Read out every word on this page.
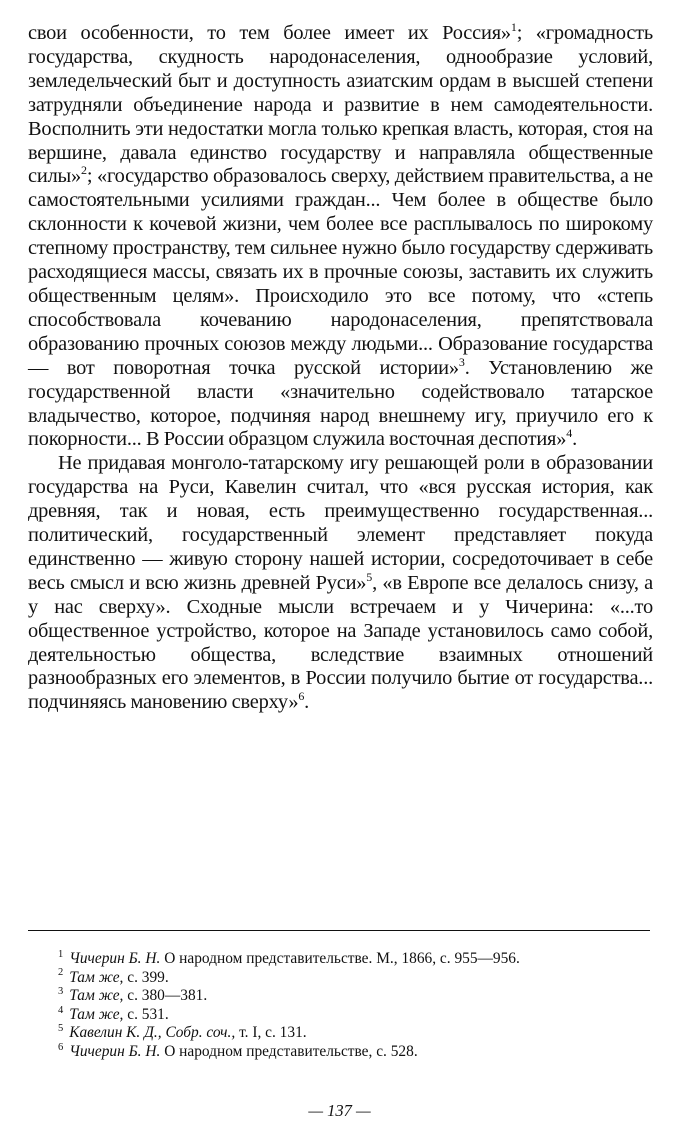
свои особенности, то тем более имеет их Россия»$^1$; «громадность государства, скудность народонаселения, однообразие условий, земледельческий быт и доступность азиатским ордам в высшей степени затрудняли объединение народа и развитие в нем самодеятельности. Восполнить эти недостатки могла только крепкая власть, которая, стоя на вершине, давала единство государству и направляла общественные силы»$^2$; «государство образовалось сверху, действием правительства, а не самостоятельными усилиями граждан... Чем более в обществе было склонности к кочевой жизни, чем более все расплывалось по широкому степному пространству, тем сильнее нужно было государству сдерживать расходящиеся массы, связать их в прочные союзы, заставить их служить общественным целям». Происходило это все потому, что «степь способствовала кочеванию народонаселения, препятствовала образованию прочных союзов между людьми... Образование государства — вот поворотная точка русской истории»$^3$. Установлению же государственной власти «значительно содействовало татарское владычество, которое, подчиняя народ внешнему игу, приучило его к покорности... В России образцом служила восточная деспотия»$^4$.

Не придавая монголо-татарскому игу решающей роли в образовании государства на Руси, Кавелин считал, что «вся русская история, как древняя, так и новая, есть преимущественно государственная... политический, государственный элемент представляет покуда единственно — живую сторону нашей истории, сосредоточивает в себе весь смысл и всю жизнь древней Руси»$^5$, «в Европе все делалось снизу, а у нас сверху». Сходные мысли встречаем и у Чичерина: «...то общественное устройство, которое на Западе установилось само собой, деятельностью общества, вследствие взаимных отношений разнообразных его элементов, в России получило бытие от государства... подчиняясь мановению сверху»$^6$.

$^1$ Чичерин Б. Н. О народном представительстве. М., 1866, с. 955—956.

$^2$ Там же, с. 399.

$^3$ Там же, с. 380—381.

$^4$ Там же, с. 531.

$^5$ Кавелин К. Д., Собр. соч., т. I, с. 131.

$^6$ Чичерин Б. Н. О народном представительстве, с. 528.

— 137 —
